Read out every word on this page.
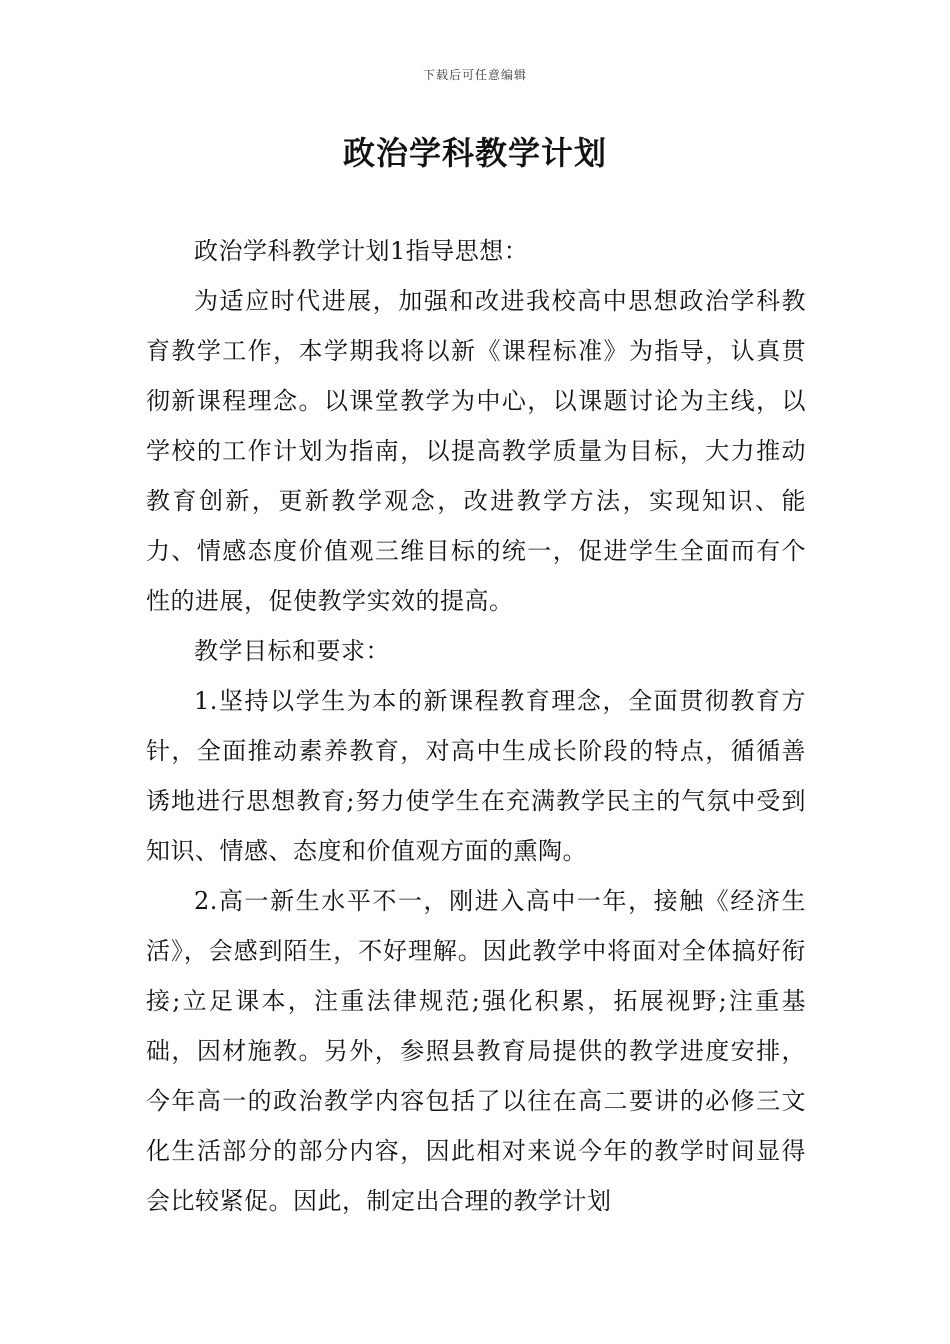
下载后可任意编辑
政治学科教学计划

政治学科教学计划1指导思想：

为适应时代进展，加强和改进我校高中思想政治学科教育教学工作，本学期我将以新《课程标准》为指导，认真贯彻新课程理念。以课堂教学为中心，以课题讨论为主线，以学校的工作计划为指南，以提高教学质量为目标，大力推动教育创新，更新教学观念，改进教学方法，实现知识、能力、情感态度价值观三维目标的统一，促进学生全面而有个性的进展，促使教学实效的提高。

教学目标和要求：

1.坚持以学生为本的新课程教育理念，全面贯彻教育方针，全面推动素养教育，对高中生成长阶段的特点，循循善诱地进行思想教育;努力使学生在充满教学民主的气氛中受到知识、情感、态度和价值观方面的熏陶。

2.高一新生水平不一，刚进入高中一年，接触《经济生活》，会感到陌生，不好理解。因此教学中将面对全体搞好衔接;立足课本，注重法律规范;强化积累，拓展视野;注重基础，因材施教。另外，参照县教育局提供的教学进度安排，今年高一的政治教学内容包括了以往在高二要讲的必修三文化生活部分的部分内容，因此相对来说今年的教学时间显得会比较紧促。因此，制定出合理的教学计划
